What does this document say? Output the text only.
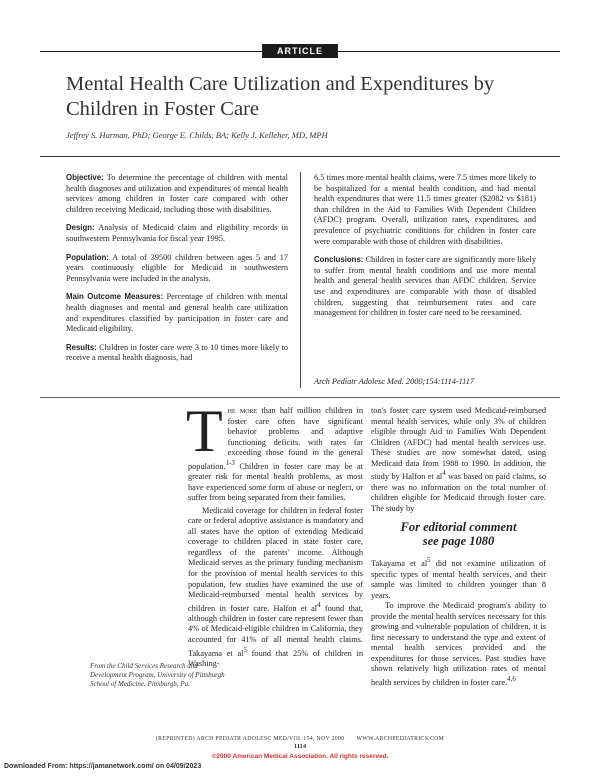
ARTICLE
Mental Health Care Utilization and Expenditures by Children in Foster Care
Jeffrey S. Harman, PhD; George E. Childs, BA; Kelly J. Kelleher, MD, MPH

Objective: To determine the percentage of children with mental health diagnoses and utilization and expenditures of mental health services among children in foster care compared with other children receiving Medicaid, including those with disabilities.

Design: Analysis of Medicaid claim and eligibility records in southwestern Pennsylvania for fiscal year 1995.

Population: A total of 39500 children between ages 5 and 17 years continuously eligible for Medicaid in southwestern Pennsylvania were included in the analysis.

Main Outcome Measures: Percentage of children with mental health diagnoses and mental and general health care utilization and expenditures classified by participation in foster care and Medicaid eligibility.

Results: Children in foster care were 3 to 10 times more likely to receive a mental health diagnosis, had

6.5 times more mental health claims, were 7.5 times more likely to be hospitalized for a mental health condition, and had mental health expenditures that were 11.5 times greater ($2082 vs $181) than children in the Aid to Families With Dependent Children (AFDC) program. Overall, utilization rates, expenditures, and prevalence of psychiatric conditions for children in foster care were comparable with those of children with disabilities.

Conclusions: Children in foster care are significantly more likely to suffer from mental health conditions and use more mental health and general health services than AFDC children. Service use and expenditures are comparable with those of disabled children, suggesting that reimbursement rates and care management for children in foster care need to be reexamined.

Arch Pediatr Adolesc Med. 2000;154:1114-1117

The more than half million children in foster care often have significant behavior problems and adaptive functioning deficits, with rates far exceeding those found in the general population.$^{1-3}$ Children in foster care may be at greater risk for mental health problems, as most have experienced some form of abuse or neglect, or suffer from being separated from their families.

Medicaid coverage for children in federal foster care or federal adoptive assistance is mandatory and all states have the option of extending Medicaid coverage to children placed in state foster care, regardless of the parents' income. Although Medicaid serves as the primary funding mechanism for the provision of mental health services to this population, few studies have examined the use of Medicaid-reimbursed mental health services by children in foster care. Halfon et $al^4$ found that, although children in foster care represent fewer than 4% of Medicaid-eligible children in California, they accounted for 41% of all mental health claims. Takayama et $al^5$ found that 25% of children in Washing-

ton's foster care system used Medicaid-reimbursed mental health services, while only 3% of children eligible through Aid to Families With Dependent Children (AFDC) had mental health services use. These studies are now somewhat dated, using Medicaid data from 1988 to 1990. In addition, the study by Halfon et $al^4$ was based on paid claims, so there was no information on the total number of children eligible for Medicaid through foster care. The study by

For editorial comment
see page 1080

Takayama et $al^5$ did not examine utilization of specific types of mental health services, and their sample was limited to children younger than 8 years.

To improve the Medicaid program's ability to provide the mental health services necessary for this growing and vulnerable population of children, it is first necessary to understand the type and extent of mental health services provided and the expenditures for those services. Past studies have shown relatively high utilization rates of mental health services by children in foster care.$^{4,6}$

From the Child Services Research and Development Program, University of Pittsburgh School of Medicine, Pittsburgh, Pa.
(REPRINTED) ARCH PEDIATR ADOLESC MED/VOL 154, NOV 2000 WWW.ARCHPEDIATRICS.COM
1114
©2000 American Medical Association. All rights reserved.
Downloaded From: https://jamanetwork.com/ on 04/09/2023
